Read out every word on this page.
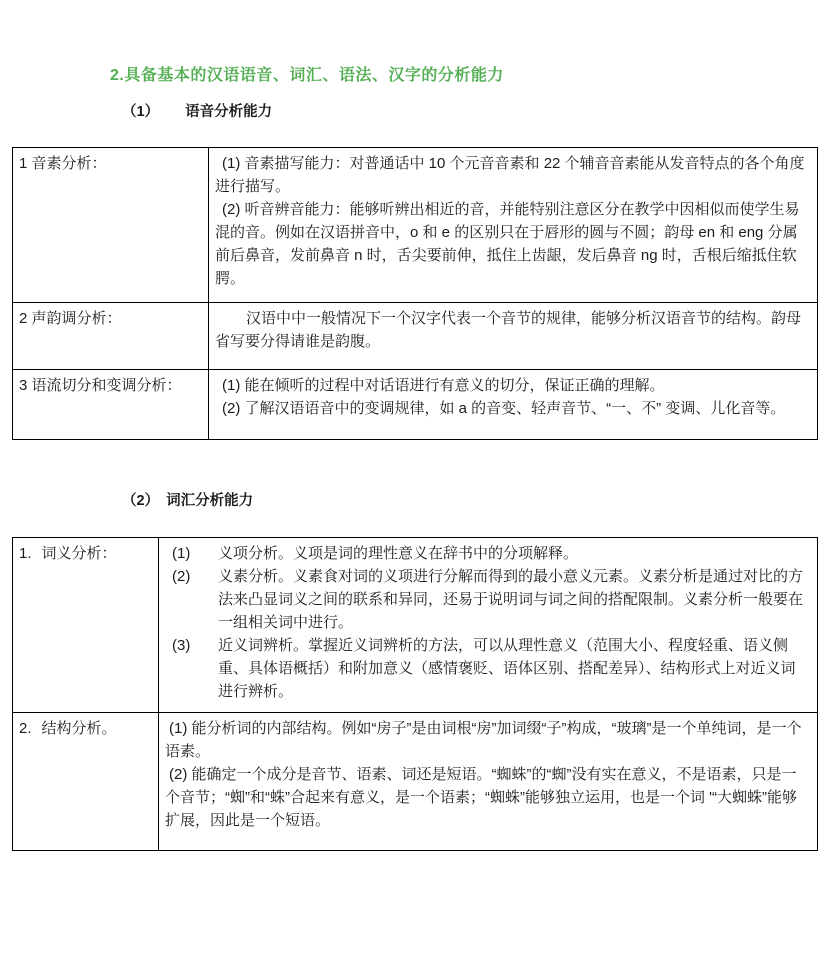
2.具备基本的汉语语音、词汇、语法、汉字的分析能力
（1） 语音分析能力
1 音素分析：	(1) 音素描写能力：对普通话中 10 个元音音素和 22 个辅音音素能从发音特点的各个角度进行描写。

(2) 听音辨音能力：能够听辨出相近的音，并能特别注意区分在教学中因相似而使学生易混的音。例如在汉语拼音中，o 和 e 的区别只在于唇形的圆与不圆；韵母 en 和 eng 分属前后鼻音，发前鼻音 n 时，舌尖要前伸，抵住上齿龈，发后鼻音 ng 时，舌根后缩抵住软腭。

2 声韵调分析：	汉语中中一般情况下一个汉字代表一个音节的规律，能够分析汉语音节的结构。韵母省写要分得请谁是韵腹。

3 语流切分和变调分析：	(1) 能在倾听的过程中对话语进行有意义的切分，保证正确的理解。

(2) 了解汉语语音中的变调规律，如 a 的音变、轻声音节、“一、不” 变调、儿化音等。

（2） 词汇分析能力
1. 词义分析：	(1)	义项分析。义项是词的理性意义在辞书中的分项解释。
(2)	义素分析。义素食对词的义项进行分解而得到的最小意义元素。义素分析是通过对比的方法来凸显词义之间的联系和异同，还易于说明词与词之间的搭配限制。义素分析一般要在一组相关词中进行。
(3)	近义词辨析。掌握近义词辨析的方法，可以从理性意义（范围大小、程度轻重、语义侧重、具体语概括）和附加意义（感情褒贬、语体区别、搭配差异）、结构形式上对近义词进行辨析。

2. 结构分析。	(1) 能分析词的内部结构。例如“房子”是由词根“房”加词缀“子”构成，“玻璃”是一个单纯词，是一个语素。

(2) 能确定一个成分是音节、语素、词还是短语。“蜘蛛”的“蜘”没有实在意义，不是语素，只是一个音节；“蜘”和“蛛”合起来有意义，是一个语素；“蜘蛛”能够独立运用，也是一个词 '“大蜘蛛”能够扩展，因此是一个短语。
